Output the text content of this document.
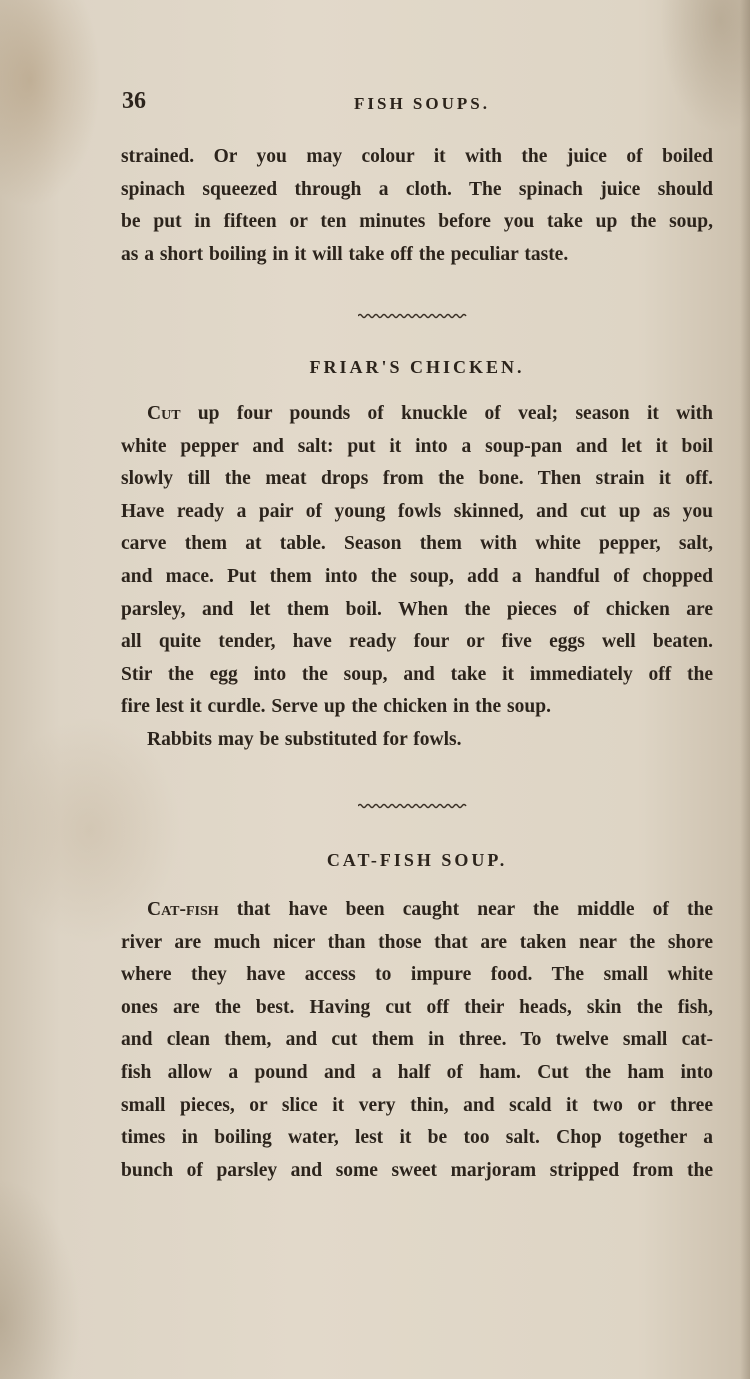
36	FISH SOUPS.
strained. Or you may colour it with the juice of boiled
spinach squeezed through a cloth. The spinach juice should
be put in fifteen or ten minutes before you take up the soup,
as a short boiling in it will take off the peculiar taste.
FRIAR'S CHICKEN.
Cut up four pounds of knuckle of veal; season it with
white pepper and salt: put it into a soup-pan and let it boil
slowly till the meat drops from the bone. Then strain it off.
Have ready a pair of young fowls skinned, and cut up as you
carve them at table. Season them with white pepper, salt,
and mace. Put them into the soup, add a handful of chopped
parsley, and let them boil. When the pieces of chicken are
all quite tender, have ready four or five eggs well beaten.
Stir the egg into the soup, and take it immediately off the
fire lest it curdle. Serve up the chicken in the soup.
Rabbits may be substituted for fowls.
CAT-FISH SOUP.
Cat-fish that have been caught near the middle of the
river are much nicer than those that are taken near the shore
where they have access to impure food. The small white
ones are the best. Having cut off their heads, skin the fish,
and clean them, and cut them in three. To twelve small cat-
fish allow a pound and a half of ham. Cut the ham into
small pieces, or slice it very thin, and scald it two or three
times in boiling water, lest it be too salt. Chop together a
bunch of parsley and some sweet marjoram stripped from the
